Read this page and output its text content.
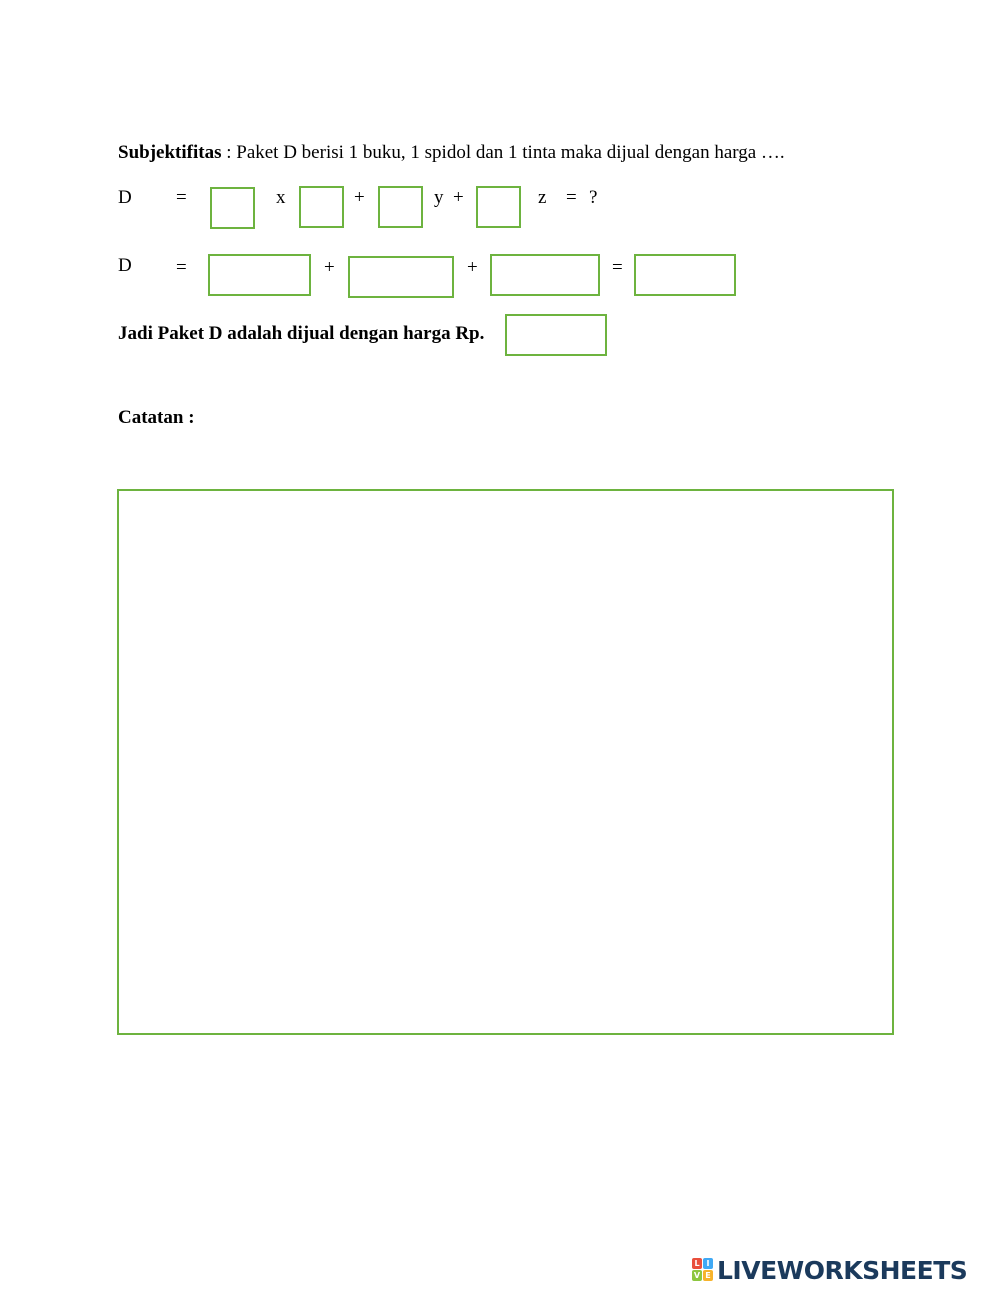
Subjektifitas : Paket D berisi 1 buku, 1 spidol dan 1 tinta maka dijual dengan harga ….
D =	x	+	y +	z = ?
D =	+	+	=
Jadi Paket D adalah dijual dengan harga Rp.
Catatan :
L I
V E LIVEWORKSHEETS
